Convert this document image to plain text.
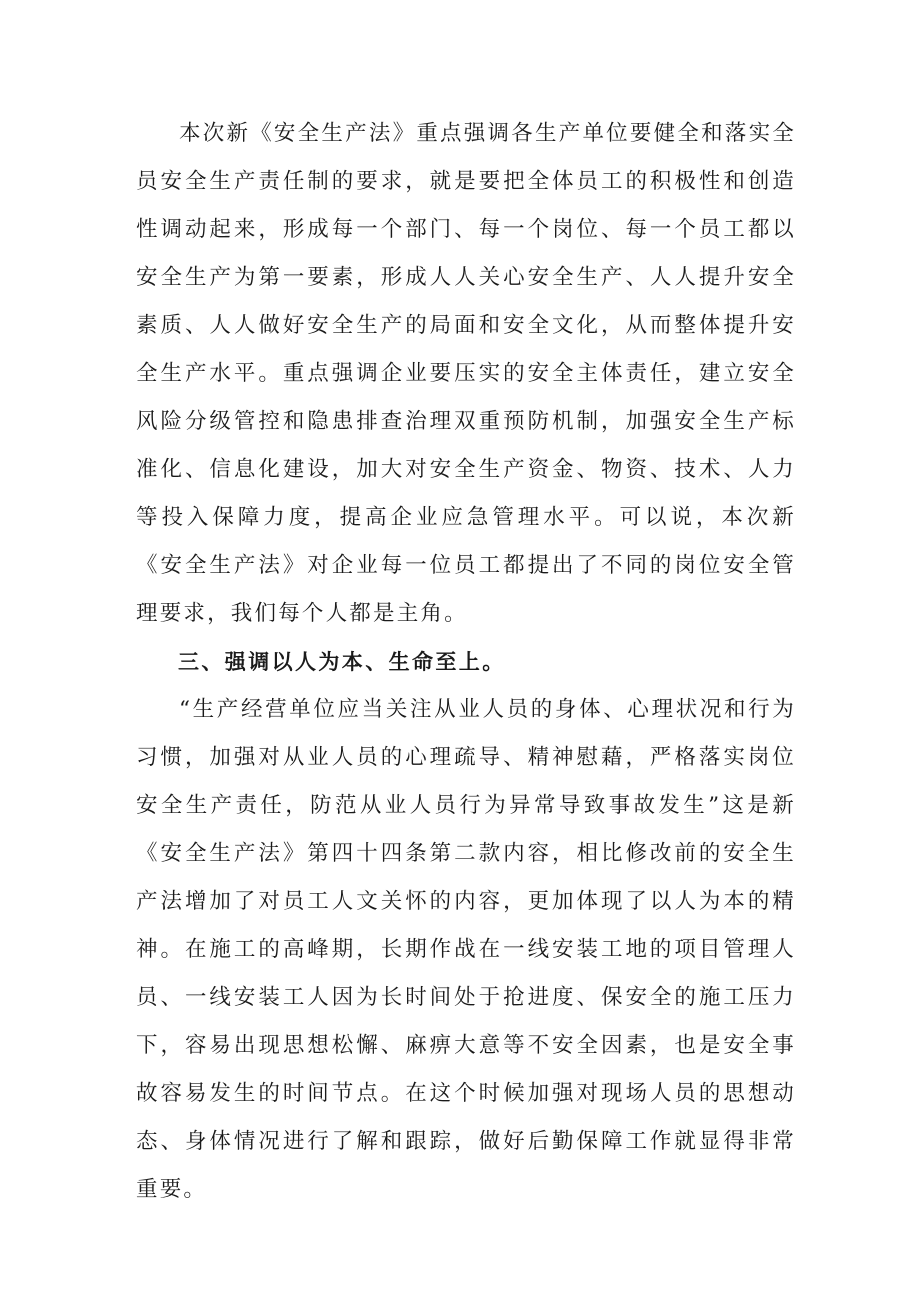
本次新《安全生产法》重点强调各生产单位要健全和落实全员安全生产责任制的要求，就是要把全体员工的积极性和创造性调动起来，形成每一个部门、每一个岗位、每一个员工都以安全生产为第一要素，形成人人关心安全生产、人人提升安全素质、人人做好安全生产的局面和安全文化，从而整体提升安全生产水平。重点强调企业要压实的安全主体责任，建立安全风险分级管控和隐患排查治理双重预防机制，加强安全生产标准化、信息化建设，加大对安全生产资金、物资、技术、人力等投入保障力度，提高企业应急管理水平。可以说，本次新《安全生产法》对企业每一位员工都提出了不同的岗位安全管理要求，我们每个人都是主角。

三、强调以人为本、生命至上。

“生产经营单位应当关注从业人员的身体、心理状况和行为习惯，加强对从业人员的心理疏导、精神慰藉，严格落实岗位安全生产责任，防范从业人员行为异常导致事故发生”这是新《安全生产法》第四十四条第二款内容，相比修改前的安全生产法增加了对员工人文关怀的内容，更加体现了以人为本的精神。在施工的高峰期，长期作战在一线安装工地的项目管理人员、一线安装工人因为长时间处于抢进度、保安全的施工压力下，容易出现思想松懈、麻痹大意等不安全因素，也是安全事故容易发生的时间节点。在这个时候加强对现场人员的思想动态、身体情况进行了解和跟踪，做好后勤保障工作就显得非常重要。
